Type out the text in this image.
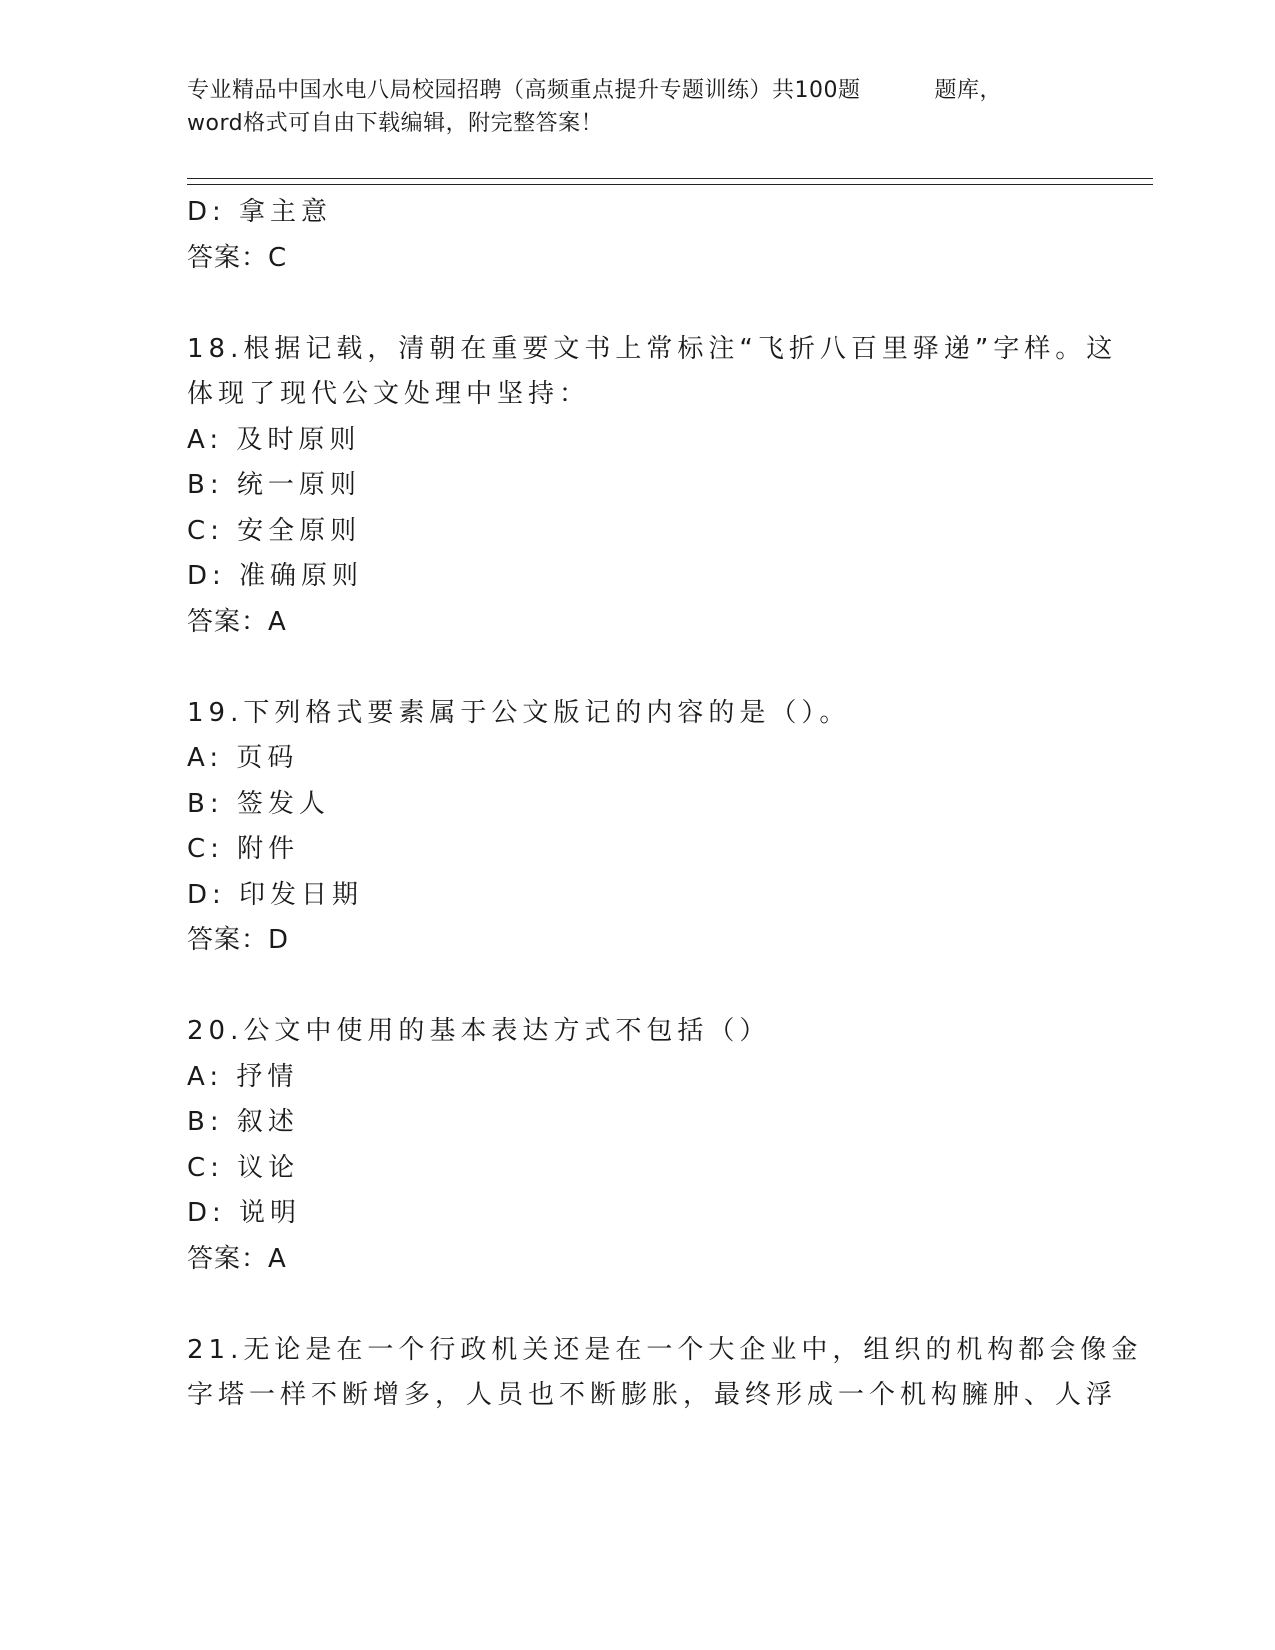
专业精品中国水电八局校园招聘（高频重点提升专题训练）共100题	题库，
word格式可自由下载编辑，附完整答案！
D: 拿主意
答案：C
18.根据记载，清朝在重要文书上常标注“飞折八百里驿递”字样。这
体现了现代公文处理中坚持：
A: 及时原则
B: 统一原则
C: 安全原则
D: 准确原则
答案：A
19.下列格式要素属于公文版记的内容的是（）。
A: 页码
B: 签发人
C: 附件
D: 印发日期
答案：D
20.公文中使用的基本表达方式不包括（）
A: 抒情
B: 叙述
C: 议论
D: 说明
答案：A
21.无论是在一个行政机关还是在一个大企业中，组织的机构都会像金
字塔一样不断增多，人员也不断膨胀，最终形成一个机构臃肿、人浮
